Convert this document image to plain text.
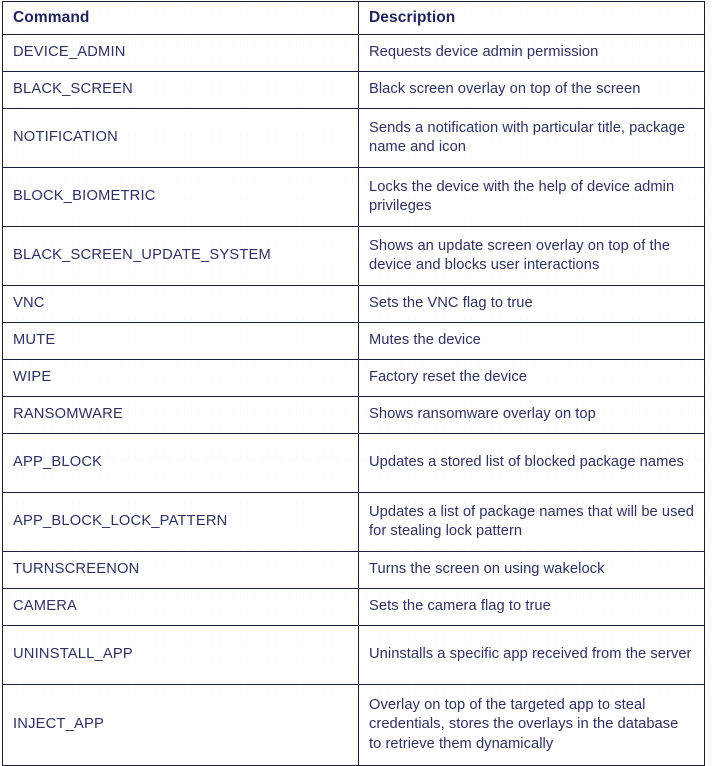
Command	Description
DEVICE_ADMIN	Requests device admin permission
BLACK_SCREEN	Black screen overlay on top of the screen
NOTIFICATION	Sends a notification with particular title, package name and icon
BLOCK_BIOMETRIC	Locks the device with the help of device admin privileges
BLACK_SCREEN_UPDATE_SYSTEM	Shows an update screen overlay on top of the device and blocks user interactions
VNC	Sets the VNC flag to true
MUTE	Mutes the device
WIPE	Factory reset the device
RANSOMWARE	Shows ransomware overlay on top
APP_BLOCK	Updates a stored list of blocked package names
APP_BLOCK_LOCK_PATTERN	Updates a list of package names that will be used for stealing lock pattern
TURNSCREENON	Turns the screen on using wakelock
CAMERA	Sets the camera flag to true
UNINSTALL_APP	Uninstalls a specific app received from the server
INJECT_APP	Overlay on top of the targeted app to steal credentials, stores the overlays in the database to retrieve them dynamically
